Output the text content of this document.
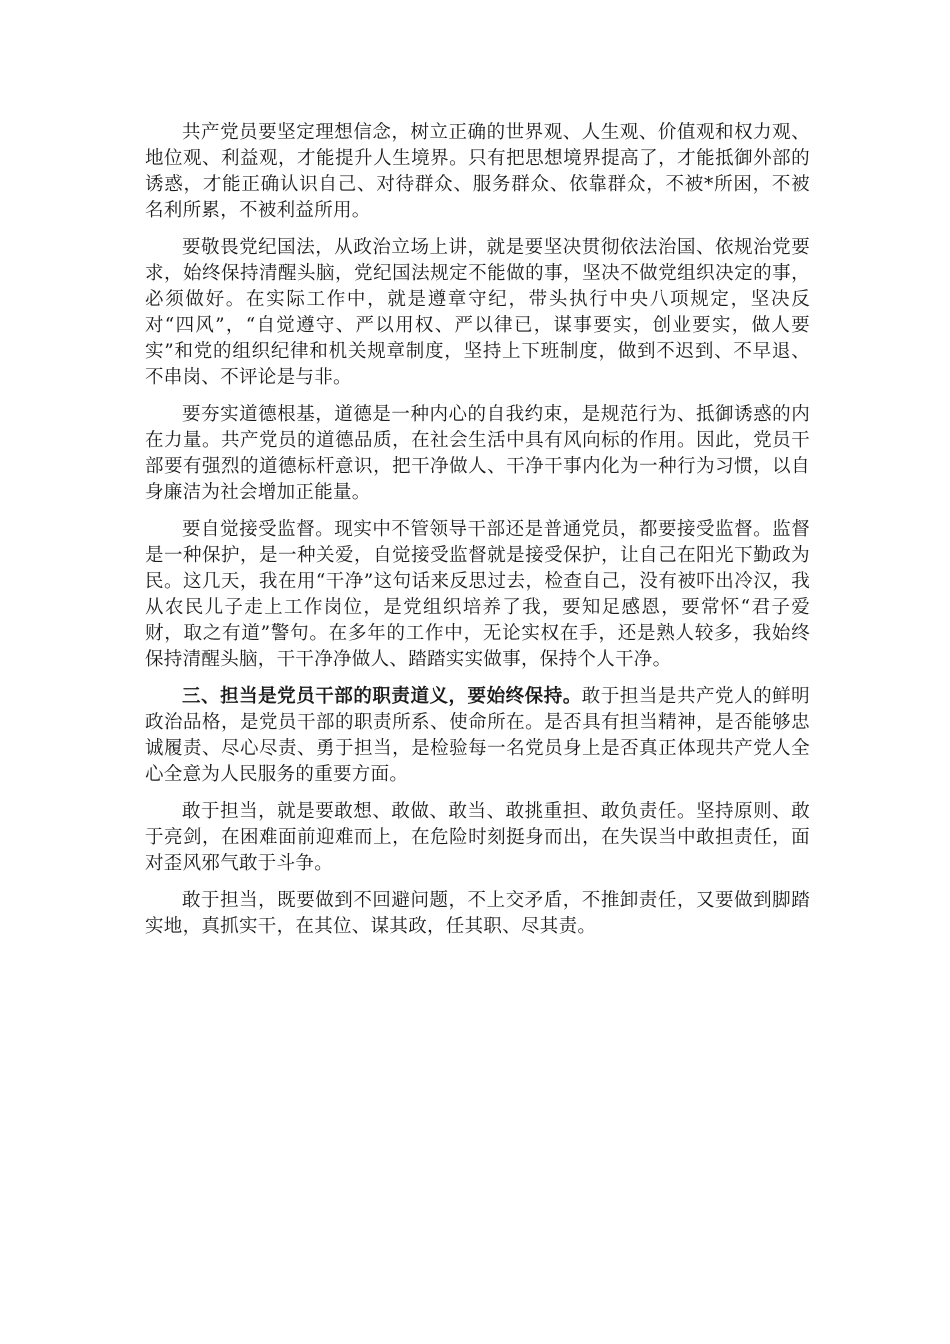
共产党员要坚定理想信念，树立正确的世界观、人生观、价值观和权力观、地位观、利益观，才能提升人生境界。只有把思想境界提高了，才能抵御外部的诱惑，才能正确认识自己、对待群众、服务群众、依靠群众，不被*所困，不被名利所累，不被利益所用。

要敬畏党纪国法，从政治立场上讲，就是要坚决贯彻依法治国、依规治党要求，始终保持清醒头脑，党纪国法规定不能做的事，坚决不做党组织决定的事，必须做好。在实际工作中，就是遵章守纪，带头执行中央八项规定，坚决反对“四风”，“自觉遵守、严以用权、严以律已，谋事要实，创业要实，做人要实”和党的组织纪律和机关规章制度，坚持上下班制度，做到不迟到、不早退、不串岗、不评论是与非。

要夯实道德根基，道德是一种内心的自我约束，是规范行为、抵御诱惑的内在力量。共产党员的道德品质，在社会生活中具有风向标的作用。因此，党员干部要有强烈的道德标杆意识，把干净做人、干净干事内化为一种行为习惯，以自身廉洁为社会增加正能量。

要自觉接受监督。现实中不管领导干部还是普通党员，都要接受监督。监督是一种保护，是一种关爱，自觉接受监督就是接受保护，让自己在阳光下勤政为民。这几天，我在用“干净”这句话来反思过去，检查自己，没有被吓出冷汉，我从农民儿子走上工作岗位，是党组织培养了我，要知足感恩，要常怀“君子爱财，取之有道”警句。在多年的工作中，无论实权在手，还是熟人较多，我始终保持清醒头脑，干干净净做人、踏踏实实做事，保持个人干净。

三、担当是党员干部的职责道义，要始终保持。敢于担当是共产党人的鲜明政治品格，是党员干部的职责所系、使命所在。是否具有担当精神，是否能够忠诚履责、尽心尽责、勇于担当，是检验每一名党员身上是否真正体现共产党人全心全意为人民服务的重要方面。

敢于担当，就是要敢想、敢做、敢当、敢挑重担、敢负责任。坚持原则、敢于亮剑，在困难面前迎难而上，在危险时刻挺身而出，在失误当中敢担责任，面对歪风邪气敢于斗争。

敢于担当，既要做到不回避问题，不上交矛盾，不推卸责任，又要做到脚踏实地，真抓实干，在其位、谋其政，任其职、尽其责。
